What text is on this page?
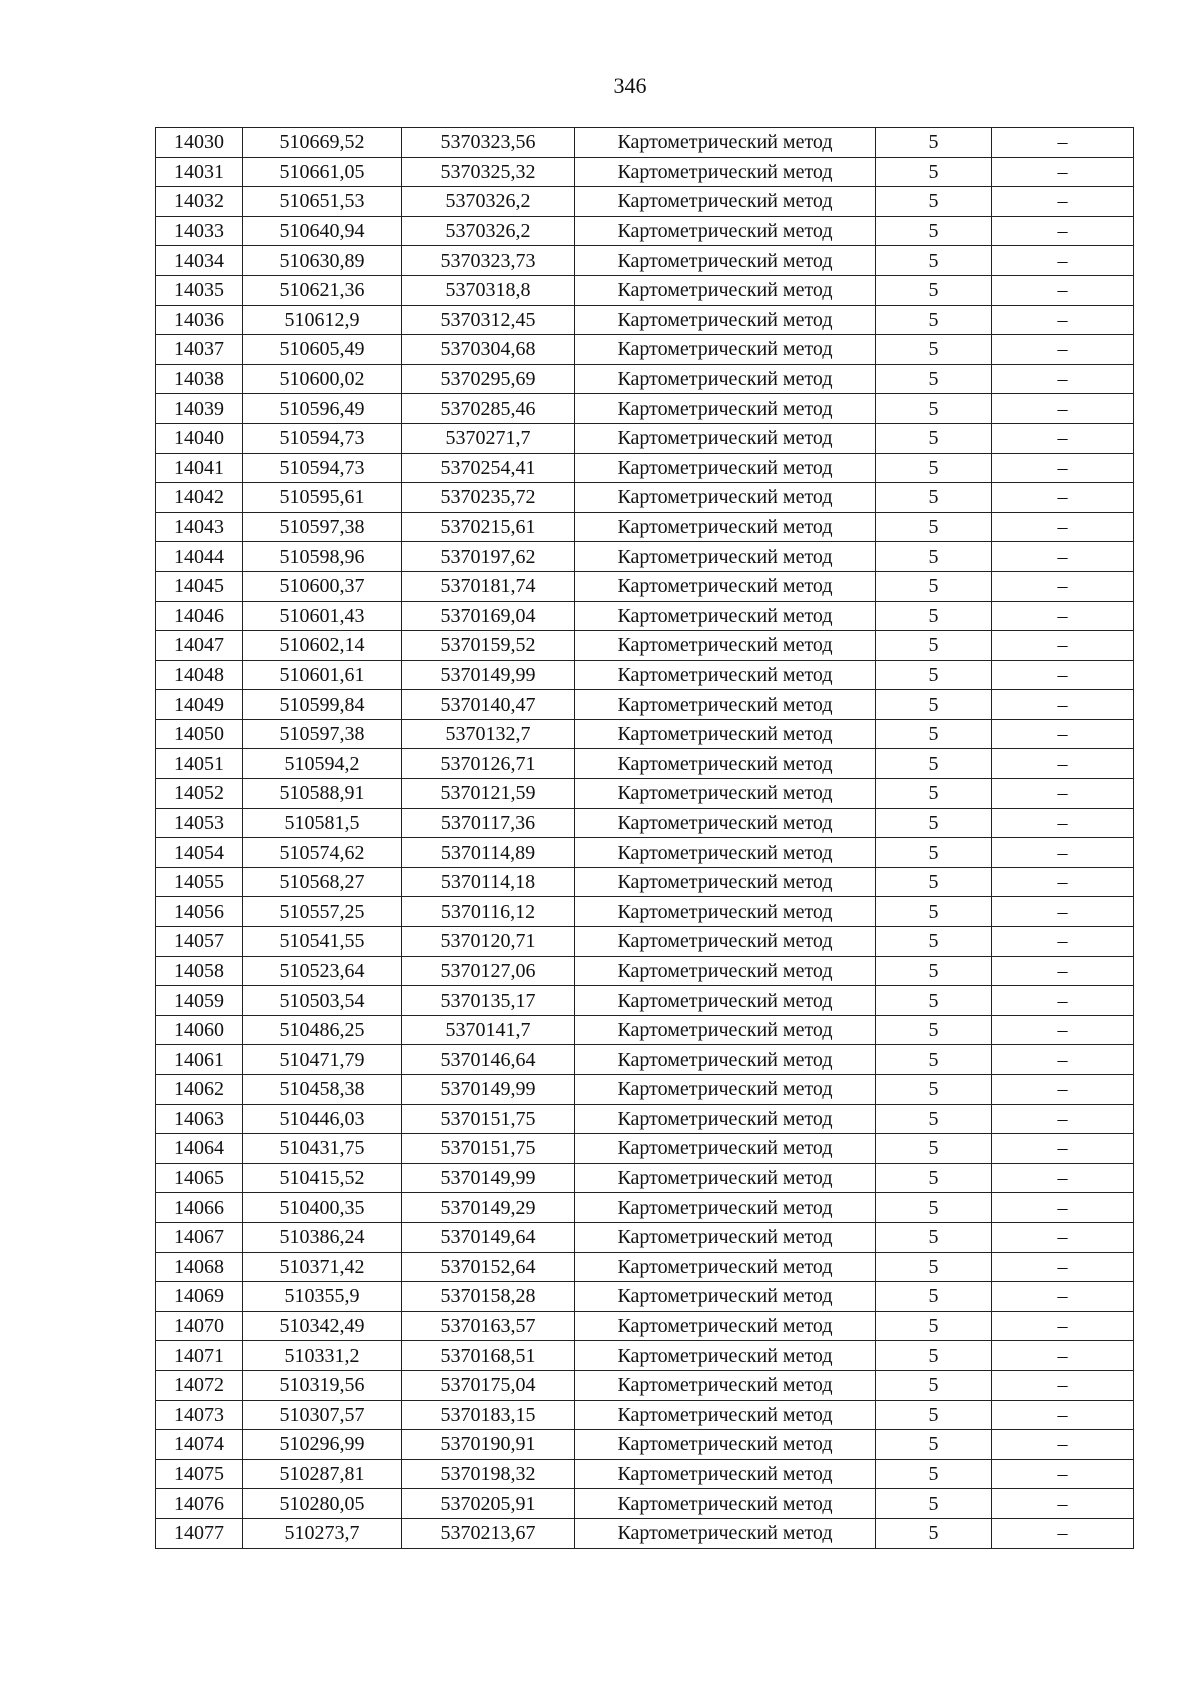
346
14030	510669,52	5370323,56	Картометрический метод	5	–
14031	510661,05	5370325,32	Картометрический метод	5	–
14032	510651,53	5370326,2	Картометрический метод	5	–
14033	510640,94	5370326,2	Картометрический метод	5	–
14034	510630,89	5370323,73	Картометрический метод	5	–
14035	510621,36	5370318,8	Картометрический метод	5	–
14036	510612,9	5370312,45	Картометрический метод	5	–
14037	510605,49	5370304,68	Картометрический метод	5	–
14038	510600,02	5370295,69	Картометрический метод	5	–
14039	510596,49	5370285,46	Картометрический метод	5	–
14040	510594,73	5370271,7	Картометрический метод	5	–
14041	510594,73	5370254,41	Картометрический метод	5	–
14042	510595,61	5370235,72	Картометрический метод	5	–
14043	510597,38	5370215,61	Картометрический метод	5	–
14044	510598,96	5370197,62	Картометрический метод	5	–
14045	510600,37	5370181,74	Картометрический метод	5	–
14046	510601,43	5370169,04	Картометрический метод	5	–
14047	510602,14	5370159,52	Картометрический метод	5	–
14048	510601,61	5370149,99	Картометрический метод	5	–
14049	510599,84	5370140,47	Картометрический метод	5	–
14050	510597,38	5370132,7	Картометрический метод	5	–
14051	510594,2	5370126,71	Картометрический метод	5	–
14052	510588,91	5370121,59	Картометрический метод	5	–
14053	510581,5	5370117,36	Картометрический метод	5	–
14054	510574,62	5370114,89	Картометрический метод	5	–
14055	510568,27	5370114,18	Картометрический метод	5	–
14056	510557,25	5370116,12	Картометрический метод	5	–
14057	510541,55	5370120,71	Картометрический метод	5	–
14058	510523,64	5370127,06	Картометрический метод	5	–
14059	510503,54	5370135,17	Картометрический метод	5	–
14060	510486,25	5370141,7	Картометрический метод	5	–
14061	510471,79	5370146,64	Картометрический метод	5	–
14062	510458,38	5370149,99	Картометрический метод	5	–
14063	510446,03	5370151,75	Картометрический метод	5	–
14064	510431,75	5370151,75	Картометрический метод	5	–
14065	510415,52	5370149,99	Картометрический метод	5	–
14066	510400,35	5370149,29	Картометрический метод	5	–
14067	510386,24	5370149,64	Картометрический метод	5	–
14068	510371,42	5370152,64	Картометрический метод	5	–
14069	510355,9	5370158,28	Картометрический метод	5	–
14070	510342,49	5370163,57	Картометрический метод	5	–
14071	510331,2	5370168,51	Картометрический метод	5	–
14072	510319,56	5370175,04	Картометрический метод	5	–
14073	510307,57	5370183,15	Картометрический метод	5	–
14074	510296,99	5370190,91	Картометрический метод	5	–
14075	510287,81	5370198,32	Картометрический метод	5	–
14076	510280,05	5370205,91	Картометрический метод	5	–
14077	510273,7	5370213,67	Картометрический метод	5	–
